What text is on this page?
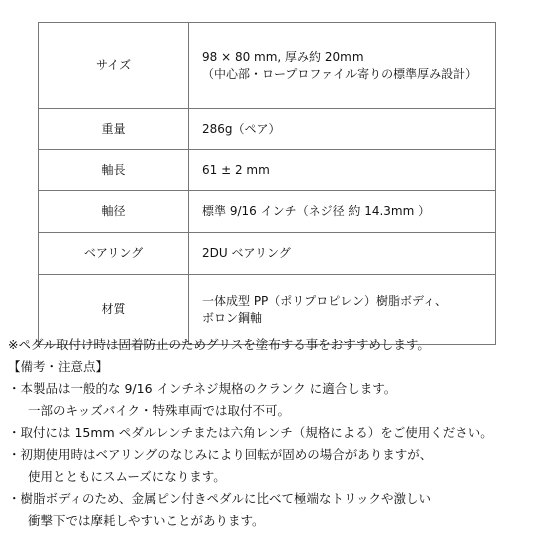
サイズ	98 × 80 mm, 厚み約 20mm
（中心部・ロープロファイル寄りの標準厚み設計）

重量	286g（ペア）

軸長	61 ± 2 mm

軸径	標準 9/16 インチ（ネジ径 約 14.3mm ）

ベアリング	2DU ベアリング

材質	一体成型 PP（ポリプロピレン）樹脂ボディ、
ボロン鋼軸
※ペダル取付け時は固着防止のためグリスを塗布する事をおすすめします。
【備考・注意点】
・本製品は一般的な 9/16 インチネジ規格のクランク に適合します。
一部のキッズバイク・特殊車両では取付不可。
・取付には 15mm ペダルレンチまたは六角レンチ（規格による）をご使用ください。
・初期使用時はベアリングのなじみにより回転が固めの場合がありますが、
使用とともにスムーズになります。
・樹脂ボディのため、金属ピン付きペダルに比べて極端なトリックや激しい
衝撃下では摩耗しやすいことがあります。
